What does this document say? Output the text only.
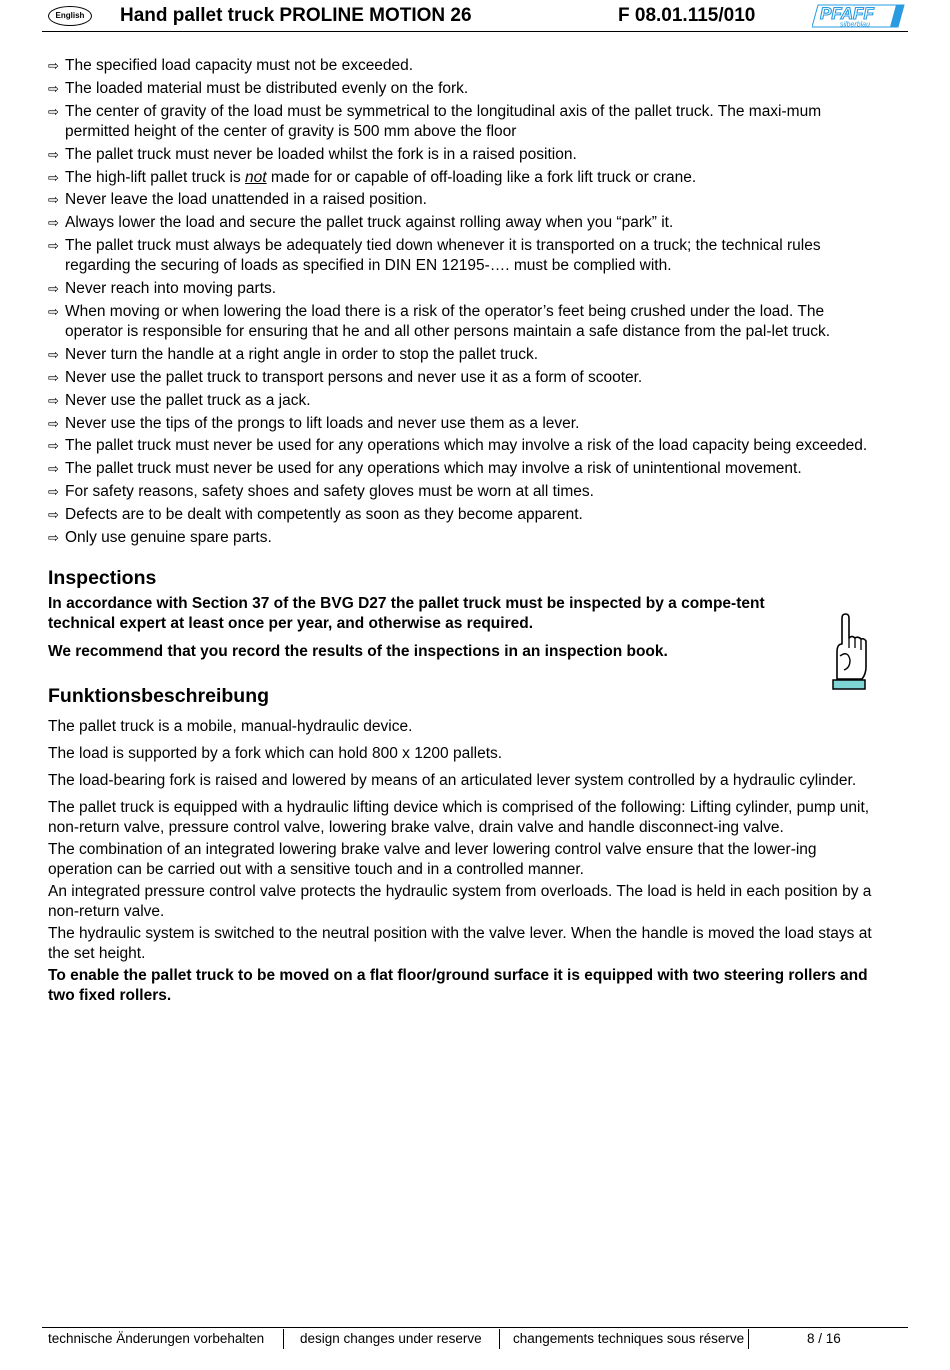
English	Hand pallet truck PROLINE MOTION 26	F 08.01.115/010	PFAFF
silberblau
⇨ The specified load capacity must not be exceeded.
⇨ The loaded material must be distributed evenly on the fork.
⇨ The center of gravity of the load must be symmetrical to the longitudinal axis of the pallet truck. The maxi-mum permitted height of the center of gravity is 500 mm above the floor
⇨ The pallet truck must never be loaded whilst the fork is in a raised position.
⇨ The high-lift pallet truck is not made for or capable of off-loading like a fork lift truck or crane.
⇨ Never leave the load unattended in a raised position.
⇨ Always lower the load and secure the pallet truck against rolling away when you “park” it.
⇨ The pallet truck must always be adequately tied down whenever it is transported on a truck; the technical rules regarding the securing of loads as specified in DIN EN 12195-…. must be complied with.
⇨ Never reach into moving parts.
⇨ When moving or when lowering the load there is a risk of the operator’s feet being crushed under the load. The operator is responsible for ensuring that he and all other persons maintain a safe distance from the pal-let truck.
⇨ Never turn the handle at a right angle in order to stop the pallet truck.
⇨ Never use the pallet truck to transport persons and never use it as a form of scooter.
⇨ Never use the pallet truck as a jack.
⇨ Never use the tips of the prongs to lift loads and never use them as a lever.
⇨ The pallet truck must never be used for any operations which may involve a risk of the load capacity being exceeded.
⇨ The pallet truck must never be used for any operations which may involve a risk of unintentional movement.
⇨ For safety reasons, safety shoes and safety gloves must be worn at all times.
⇨ Defects are to be dealt with competently as soon as they become apparent.
⇨ Only use genuine spare parts.
Inspections

In accordance with Section 37 of the BVG D27 the pallet truck must be inspected by a compe-tent technical expert at least once per year, and otherwise as required.

We recommend that you record the results of the inspections in an inspection book.

Funktionsbeschreibung

The pallet truck is a mobile, manual-hydraulic device.

The load is supported by a fork which can hold 800 x 1200 pallets.

The load-bearing fork is raised and lowered by means of an articulated lever system controlled by a hydraulic cylinder.

The pallet truck is equipped with a hydraulic lifting device which is comprised of the following: Lifting cylinder, pump unit, non-return valve, pressure control valve, lowering brake valve, drain valve and handle disconnect-ing valve.

The combination of an integrated lowering brake valve and lever lowering control valve ensure that the lower-ing operation can be carried out with a sensitive touch and in a controlled manner.

An integrated pressure control valve protects the hydraulic system from overloads. The load is held in each position by a non-return valve.

The hydraulic system is switched to the neutral position with the valve lever. When the handle is moved the load stays at the set height.

To enable the pallet truck to be moved on a flat floor/ground surface it is equipped with two steering rollers and two fixed rollers.

technische Änderungen vorbehalten	design changes under reserve changements techniques sous réserve	8 / 16
